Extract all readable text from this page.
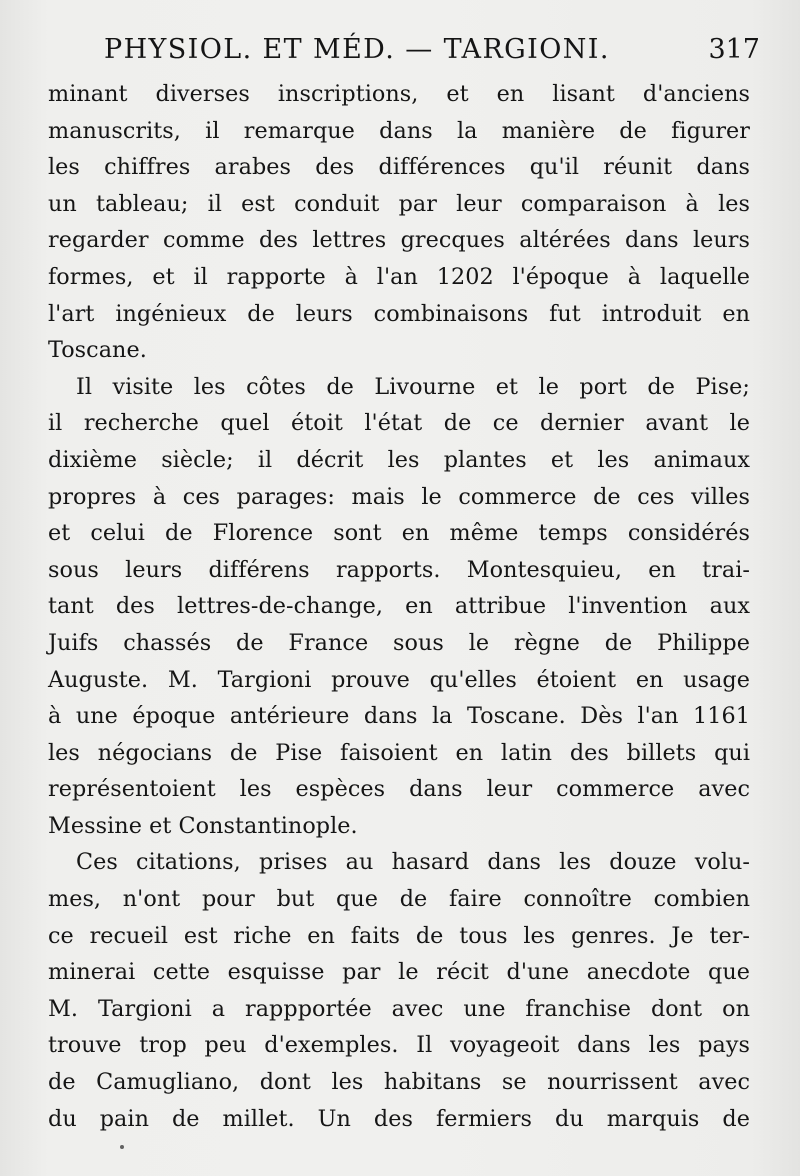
PHYSIOL. ET MÉD. — TARGIONI.	317
minant diverses inscriptions, et en lisant d'anciens
manuscrits, il remarque dans la manière de figurer
les chiffres arabes des différences qu'il réunit dans
un tableau; il est conduit par leur comparaison à les
regarder comme des lettres grecques altérées dans leurs
formes, et il rapporte à l'an 1202 l'époque à laquelle
l'art ingénieux de leurs combinaisons fut introduit en
Toscane.
Il visite les côtes de Livourne et le port de Pise;
il recherche quel étoit l'état de ce dernier avant le
dixième siècle; il décrit les plantes et les animaux
propres à ces parages: mais le commerce de ces villes
et celui de Florence sont en même temps considérés
sous leurs différens rapports. Montesquieu, en trai-
tant des lettres-de-change, en attribue l'invention aux
Juifs chassés de France sous le règne de Philippe
Auguste. M. Targioni prouve qu'elles étoient en usage
à une époque antérieure dans la Toscane. Dès l'an 1161
les négocians de Pise faisoient en latin des billets qui
représentoient les espèces dans leur commerce avec
Messine et Constantinople.
Ces citations, prises au hasard dans les douze volu-
mes, n'ont pour but que de faire connoître combien
ce recueil est riche en faits de tous les genres. Je ter-
minerai cette esquisse par le récit d'une anecdote que
M. Targioni a rappportée avec une franchise dont on
trouve trop peu d'exemples. Il voyageoit dans les pays
de Camugliano, dont les habitans se nourrissent avec
du pain de millet. Un des fermiers du marquis de
